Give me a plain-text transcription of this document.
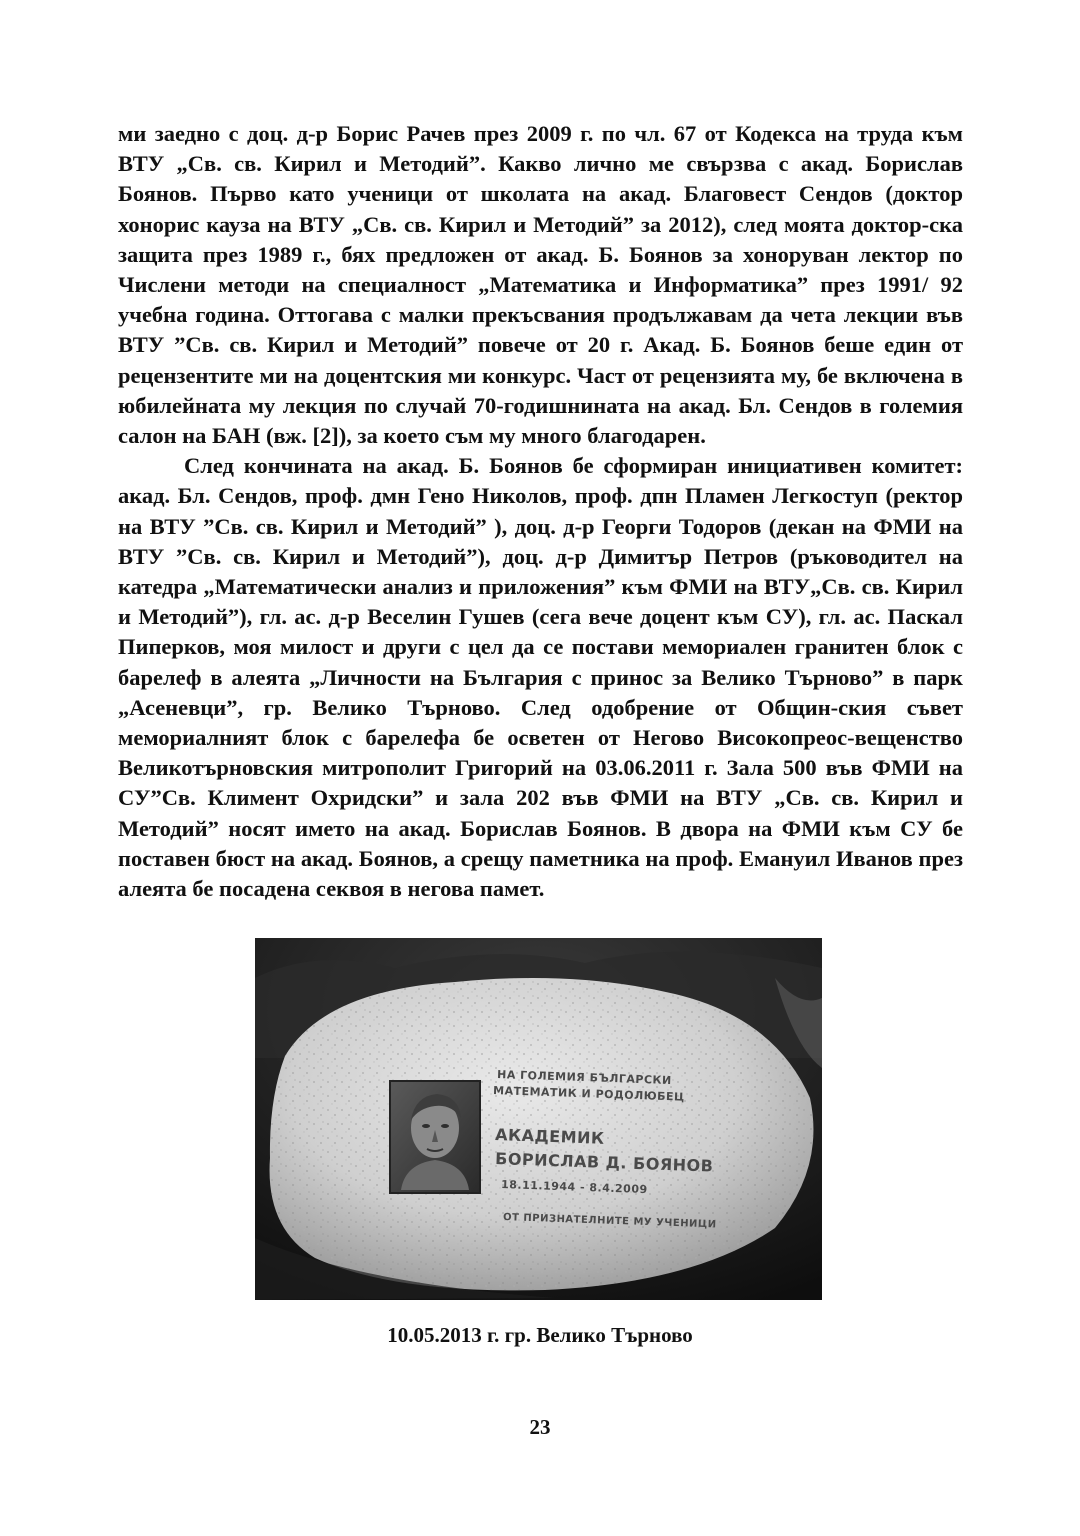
ми заедно с доц. д-р Борис Рачев през 2009 г. по чл. 67 от Кодекса на труда към ВТУ „Св. св. Кирил и Методий”. Какво лично ме свързва с акад. Борислав Боянов. Първо като ученици от школата на акад. Благовест Сендов (доктор хонорис кауза на ВТУ „Св. св. Кирил и Методий” за 2012), след моята доктор-ска защита през 1989 г., бях предложен от акад. Б. Боянов за хоноруван лектор по Числени методи на специалност „Математика и Информатика” през 1991/ 92 учебна година. Оттогава с малки прекъсвания продължавам да чета лекции във ВТУ ”Св. св. Кирил и Методий” повече от 20 г. Акад. Б. Боянов беше един от рецензентите ми на доцентския ми конкурс. Част от рецензията му, бе включена в юбилейната му лекция по случай 70-годишнината на акад. Бл. Сендов в големия салон на БАН (вж. [2]), за което съм му много благодарен.

След кончината на акад. Б. Боянов бе сформиран инициативен комитет: акад. Бл. Сендов, проф. дмн Гено Николов, проф. дпн Пламен Легкоступ (ректор на ВТУ ”Св. св. Кирил и Методий” ), доц. д-р Георги Тодоров (декан на ФМИ на ВТУ ”Св. св. Кирил и Методий”), доц. д-р Димитър Петров (ръководител на катедра „Математически анализ и приложения” към ФМИ на ВТУ„Св. св. Кирил и Методий”), гл. ас. д-р Веселин Гушев (сега вече доцент към СУ), гл. ас. Паскал Пиперков, моя милост и други с цел да се постави мемориален гранитен блок с барелеф в алеята „Личности на България с принос за Велико Търново” в парк „Асеневци”, гр. Велико Търново. След одобрение от Общин-ския съвет мемориалният блок с барелефа бе осветен от Негово Високопреос-вещенство Великотърновския митрополит Григорий на 03.06.2011 г. Зала 500 във ФМИ на СУ”Св. Климент Охридски” и зала 202 във ФМИ на ВТУ „Св. св. Кирил и Методий” носят името на акад. Борислав Боянов. В двора на ФМИ към СУ бе поставен бюст на акад. Боянов, а срещу паметника на проф. Емануил Иванов през алеята бе посадена секвоя в негова памет.

НА ГОЛЕМИЯ БЪЛГАРСКИ
МАТЕМАТИК И РОДОЛЮБЕЦ
АКАДЕМИК
БОРИСЛАВ Д. БОЯНОВ
18.11.1944 - 8.4.2009
ОТ ПРИЗНАТЕЛНИТЕ МУ УЧЕНИЦИ
10.05.2013 г. гр. Велико Търново
23
